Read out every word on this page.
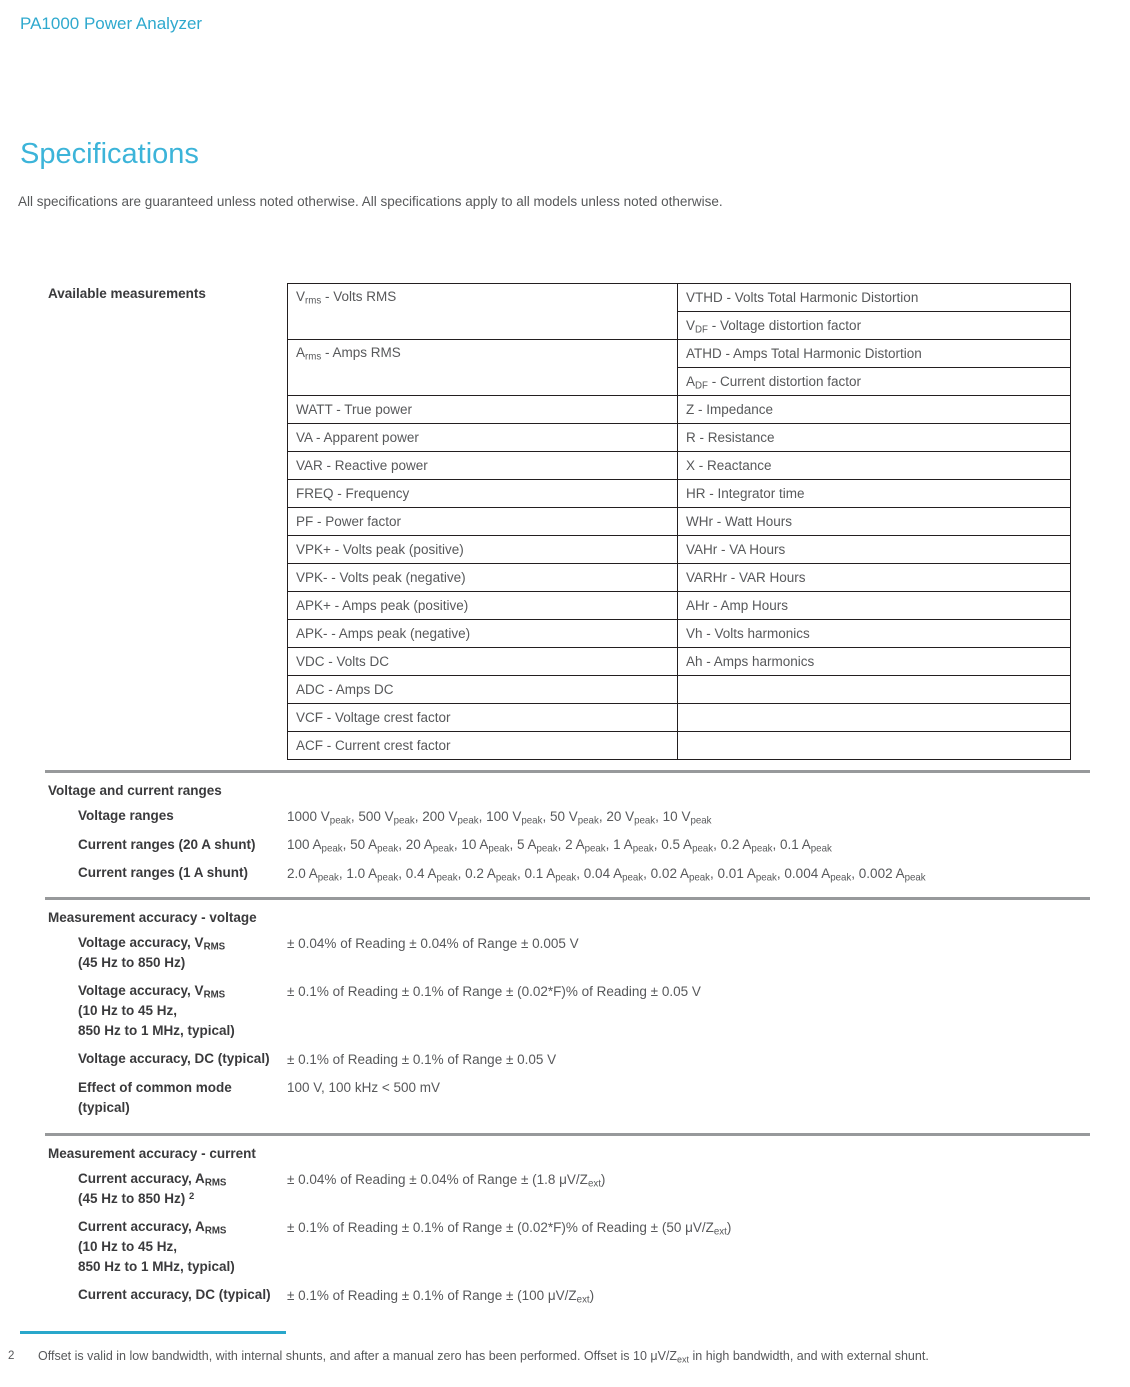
PA1000 Power Analyzer
Specifications

All specifications are guaranteed unless noted otherwise. All specifications apply to all models unless noted otherwise.

Available measurements	$V_{rms}$ - Volts RMS	VTHD - Volts Total Harmonic Distortion
	$V_{DF}$ - Voltage distortion factor
$A_{rms}$ - Amps RMS	ATHD - Amps Total Harmonic Distortion
	$A_{DF}$ - Current distortion factor
WATT - True power	Z - Impedance
VA - Apparent power	R - Resistance
VAR - Reactive power	X - Reactance
FREQ - Frequency	HR - Integrator time
PF - Power factor	WHr - Watt Hours
VPK+ - Volts peak (positive)	VAHr - VA Hours
VPK- - Volts peak (negative)	VARHr - VAR Hours
APK+ - Amps peak (positive)	AHr - Amp Hours
APK- - Amps peak (negative)	Vh - Volts harmonics
VDC - Volts DC	Ah - Amps harmonics
ADC - Amps DC	
VCF - Voltage crest factor	
ACF - Current crest factor	
Voltage and current ranges
Voltage ranges	1000 $V_{peak}$, 500 $V_{peak}$, 200 $V_{peak}$, 100 $V_{peak}$, 50 $V_{peak}$, 20 $V_{peak}$, 10 $V_{peak}$
Current ranges (20 A shunt)	100 $A_{peak}$, 50 $A_{peak}$, 20 $A_{peak}$, 10 $A_{peak}$, 5 $A_{peak}$, 2 $A_{peak}$, 1 $A_{peak}$, 0.5 $A_{peak}$, 0.2 $A_{peak}$, 0.1 $A_{peak}$
Current ranges (1 A shunt)	2.0 $A_{peak}$, 1.0 $A_{peak}$, 0.4 $A_{peak}$, 0.2 $A_{peak}$, 0.1 $A_{peak}$, 0.04 $A_{peak}$, 0.02 $A_{peak}$, 0.01 $A_{peak}$, 0.004 $A_{peak}$, 0.002 $A_{peak}$
Measurement accuracy - voltage
Voltage accuracy, $V_{RMS}$
(45 Hz to 850 Hz)
± 0.04% of Reading ± 0.04% of Range ± 0.005 V
Voltage accuracy, $V_{RMS}$
(10 Hz to 45 Hz,
850 Hz to 1 MHz, typical)
± 0.1% of Reading ± 0.1% of Range ± (0.02*F)% of Reading ± 0.05 V
Voltage accuracy, DC (typical)	± 0.1% of Reading ± 0.1% of Range ± 0.05 V
Effect of common mode
(typical)
100 V, 100 kHz < 500 mV
Measurement accuracy - current
Current accuracy, $A_{RMS}$
(45 Hz to 850 Hz) $^2$
± 0.04% of Reading ± 0.04% of Range ± (1.8 $\mu V/Z_{ext}$)
Current accuracy, $A_{RMS}$
(10 Hz to 45 Hz,
850 Hz to 1 MHz, typical)
± 0.1% of Reading ± 0.1% of Range ± (0.02*F)% of Reading ± (50 $\mu V/Z_{ext}$)
Current accuracy, DC (typical)	± 0.1% of Reading ± 0.1% of Range ± (100 $\mu V/Z_{ext}$)
2	Offset is valid in low bandwidth, with internal shunts, and after a manual zero has been performed. Offset is 10 $\mu V/Z_{ext}$ in high bandwidth, and with external shunt.
